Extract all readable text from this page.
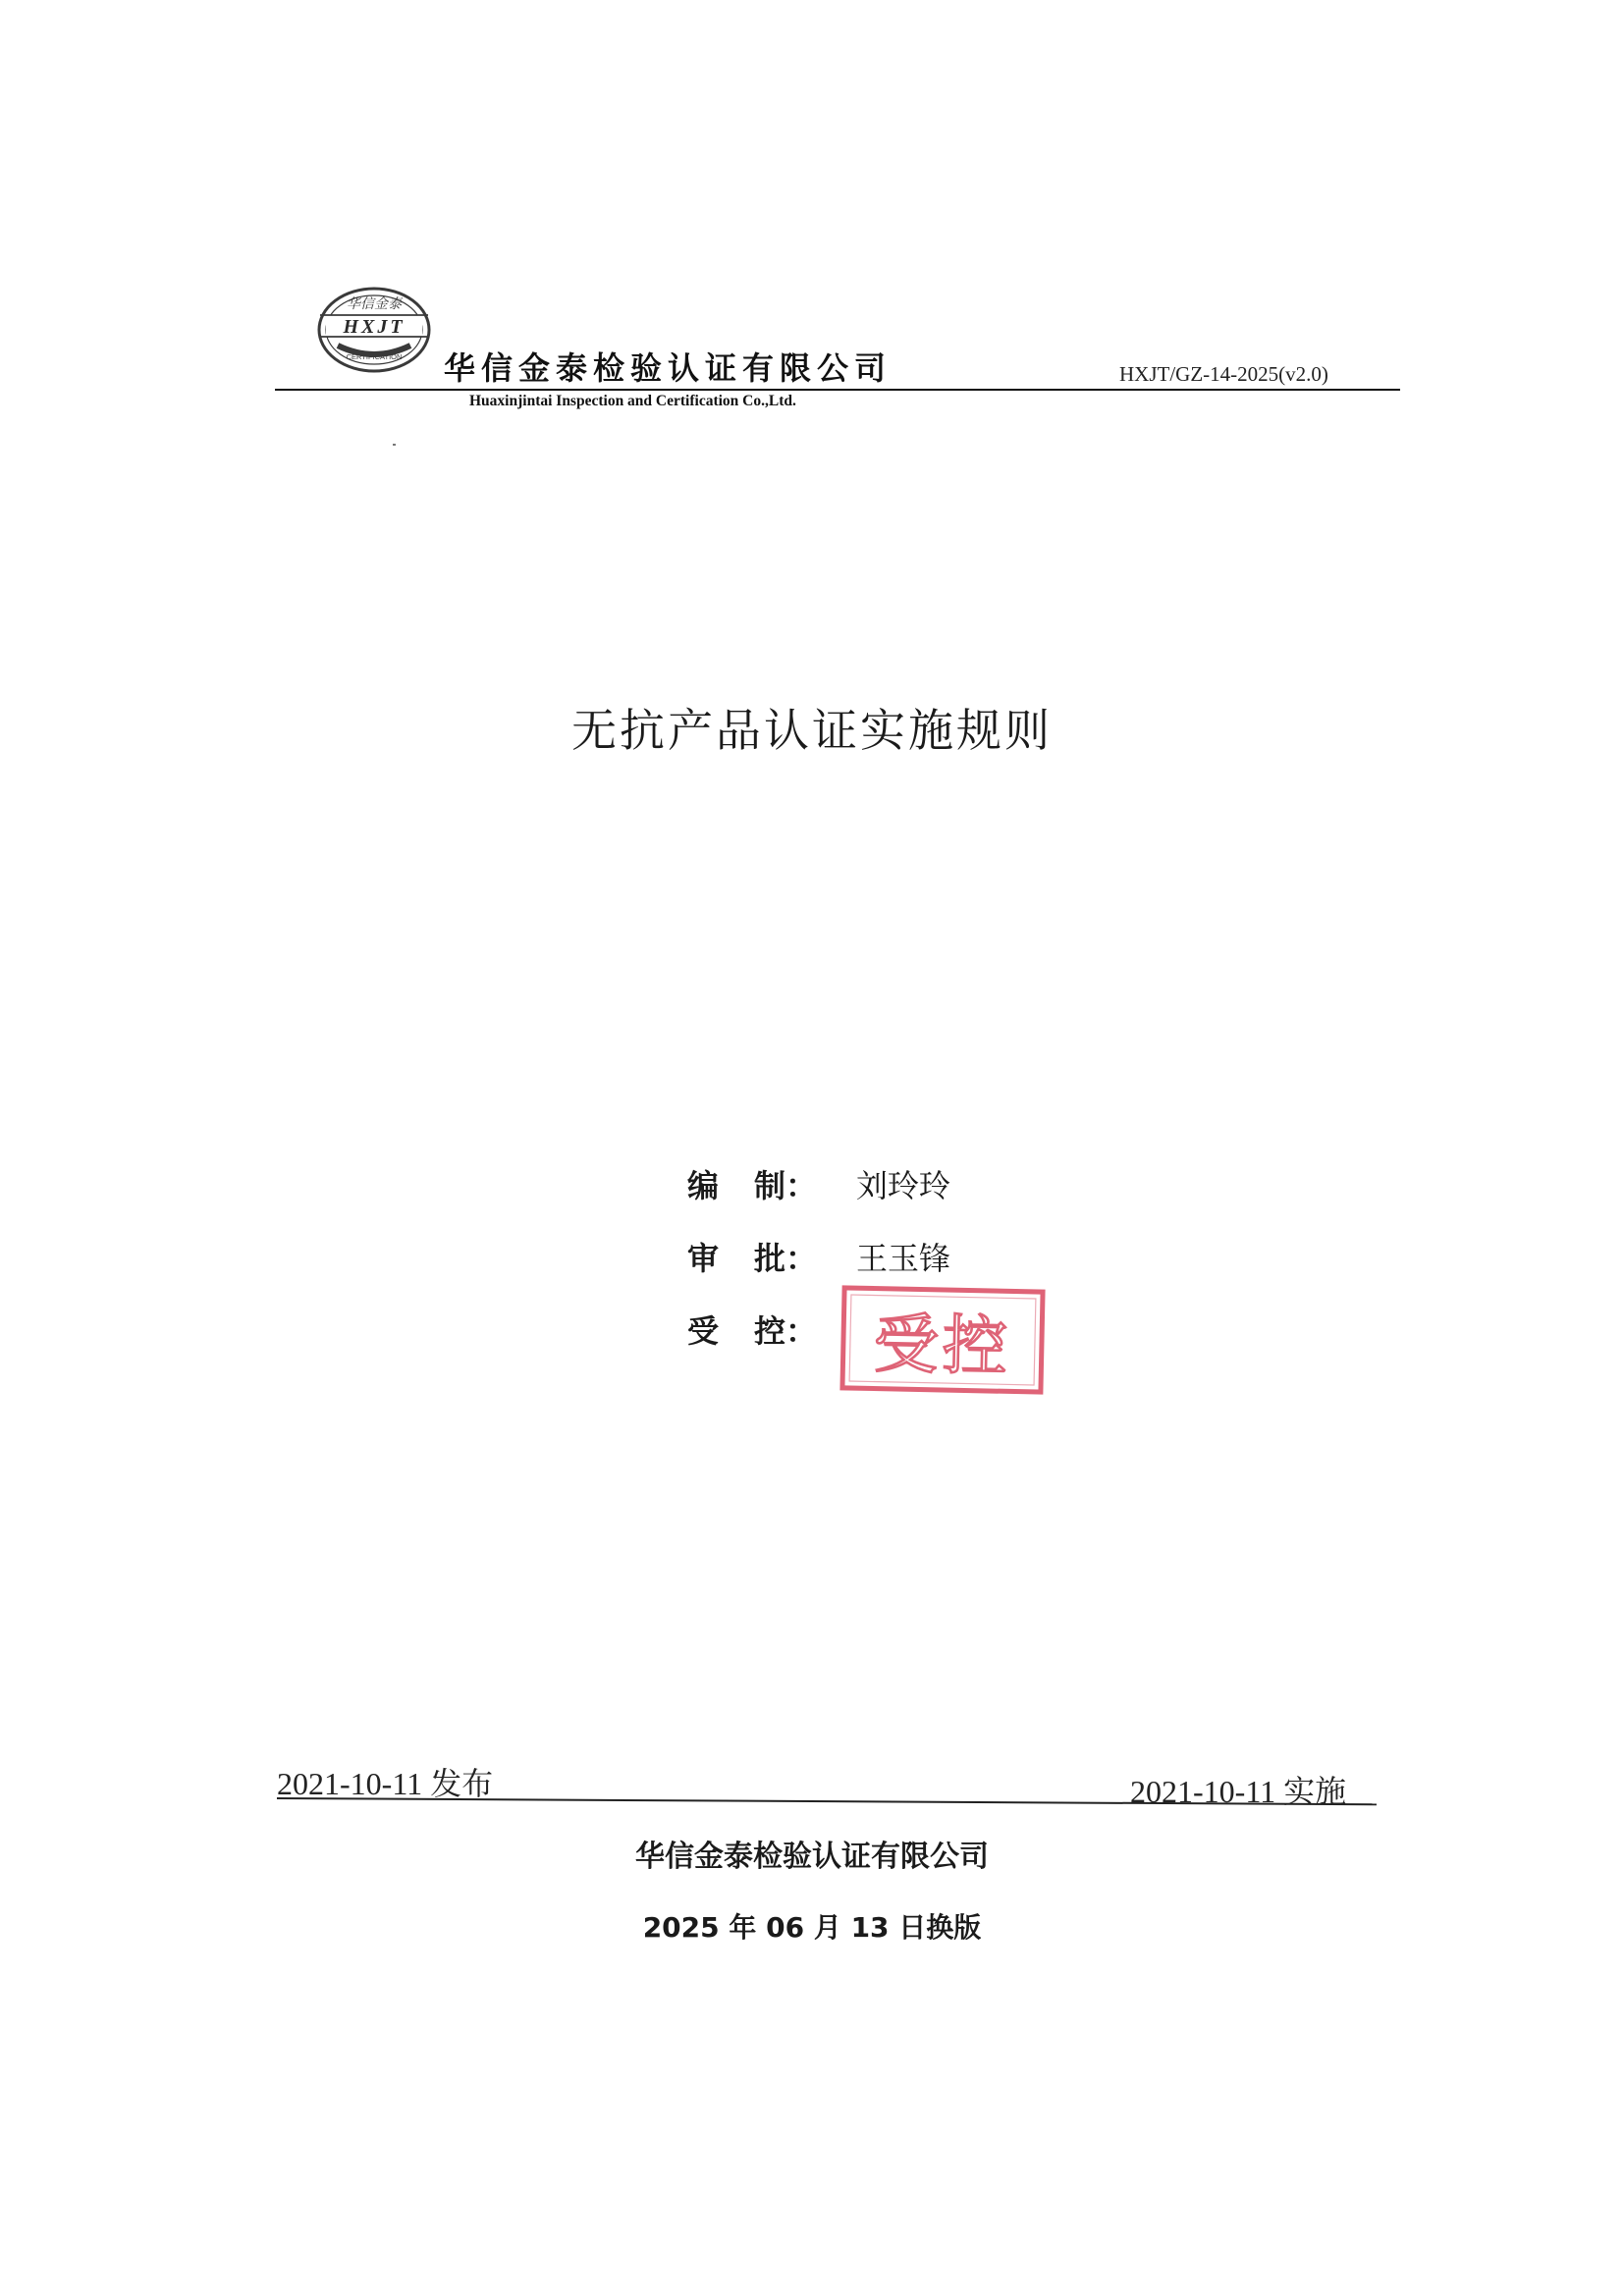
华信金泰
HXJT
CERTIFICATION 华信金泰检验认证有限公司
Huaxinjintai Inspection and Certification Co.,Ltd.
HXJT/GZ-14-2025(v2.0)
无抗产品认证实施规则
编 制： 刘玲玲
审 批： 王玉锋
受 控： 受控
2021-10-11 发布	2021-10-11 实施
华信金泰检验认证有限公司
2025 年 06 月 13 日换版
